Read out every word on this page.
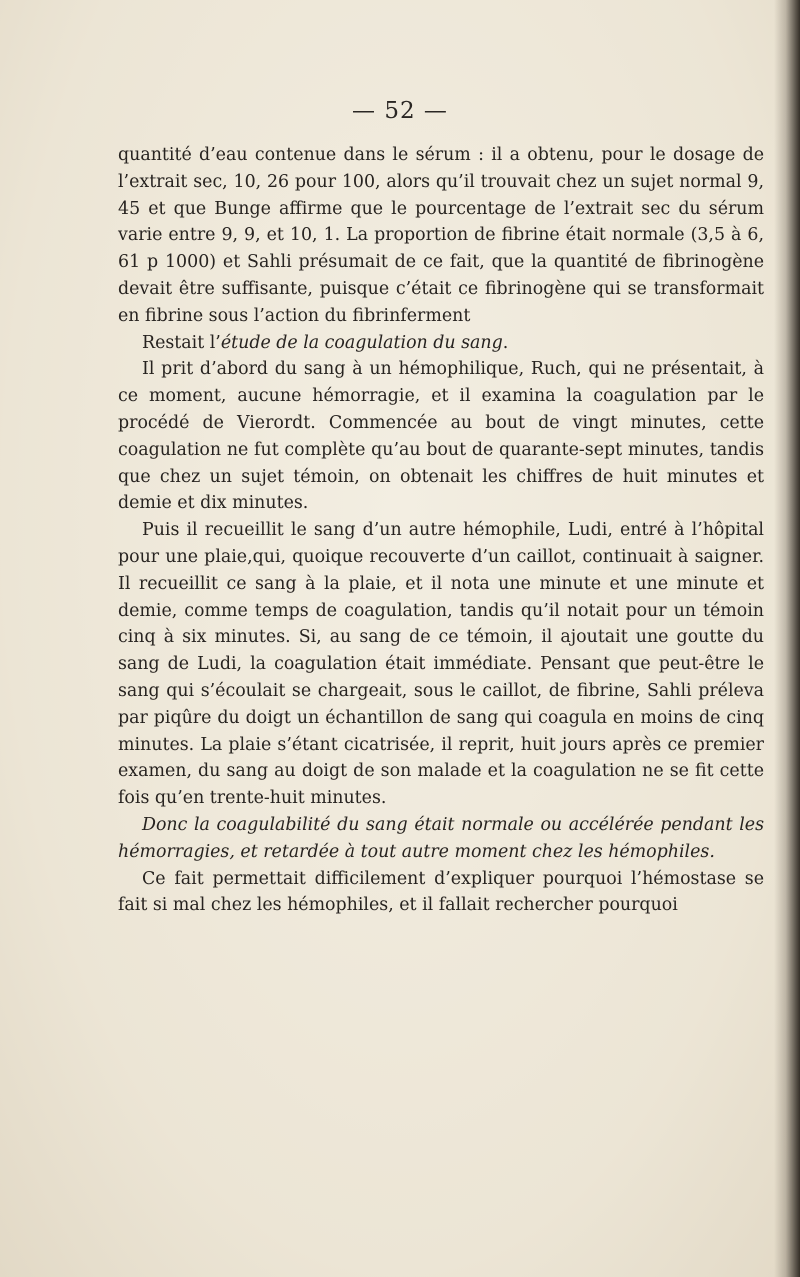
— 52 —

quantité d’eau contenue dans le sérum : il a obtenu, pour le dosage de l’extrait sec, 10, 26 pour 100, alors qu’il trouvait chez un sujet normal 9, 45 et que Bunge affirme que le pourcentage de l’extrait sec du sérum varie entre 9, 9, et 10, 1. La proportion de fibrine était normale (3,5 à 6, 61 p 1000) et Sahli présumait de ce fait, que la quantité de fibrinogène devait être suffisante, puisque c’était ce fibrinogène qui se transformait en fibrine sous l’action du fibrinferment

Restait l’étude de la coagulation du sang.

Il prit d’abord du sang à un hémophilique, Ruch, qui ne présentait, à ce moment, aucune hémorragie, et il examina la coagulation par le procédé de Vierordt. Commencée au bout de vingt minutes, cette coagulation ne fut complète qu’au bout de quarante-sept minutes, tandis que chez un sujet témoin, on obtenait les chiffres de huit minutes et demie et dix minutes.

Puis il recueillit le sang d’un autre hémophile, Ludi, entré à l’hôpital pour une plaie,qui, quoique recouverte d’un caillot, continuait à saigner. Il recueillit ce sang à la plaie, et il nota une minute et une minute et demie, comme temps de coagulation, tandis qu’il notait pour un témoin cinq à six minutes. Si, au sang de ce témoin, il ajoutait une goutte du sang de Ludi, la coagulation était immédiate. Pensant que peut-être le sang qui s’écoulait se chargeait, sous le caillot, de fibrine, Sahli préleva par piqûre du doigt un échantillon de sang qui coagula en moins de cinq minutes. La plaie s’étant cicatrisée, il reprit, huit jours après ce premier examen, du sang au doigt de son malade et la coagulation ne se fit cette fois qu’en trente-huit minutes.

Donc la coagulabilité du sang était normale ou accélérée pendant les hémorragies, et retardée à tout autre moment chez les hémophiles.

Ce fait permettait difficilement d’expliquer pourquoi l’hémostase se fait si mal chez les hémophiles, et il fallait rechercher pourquoi
